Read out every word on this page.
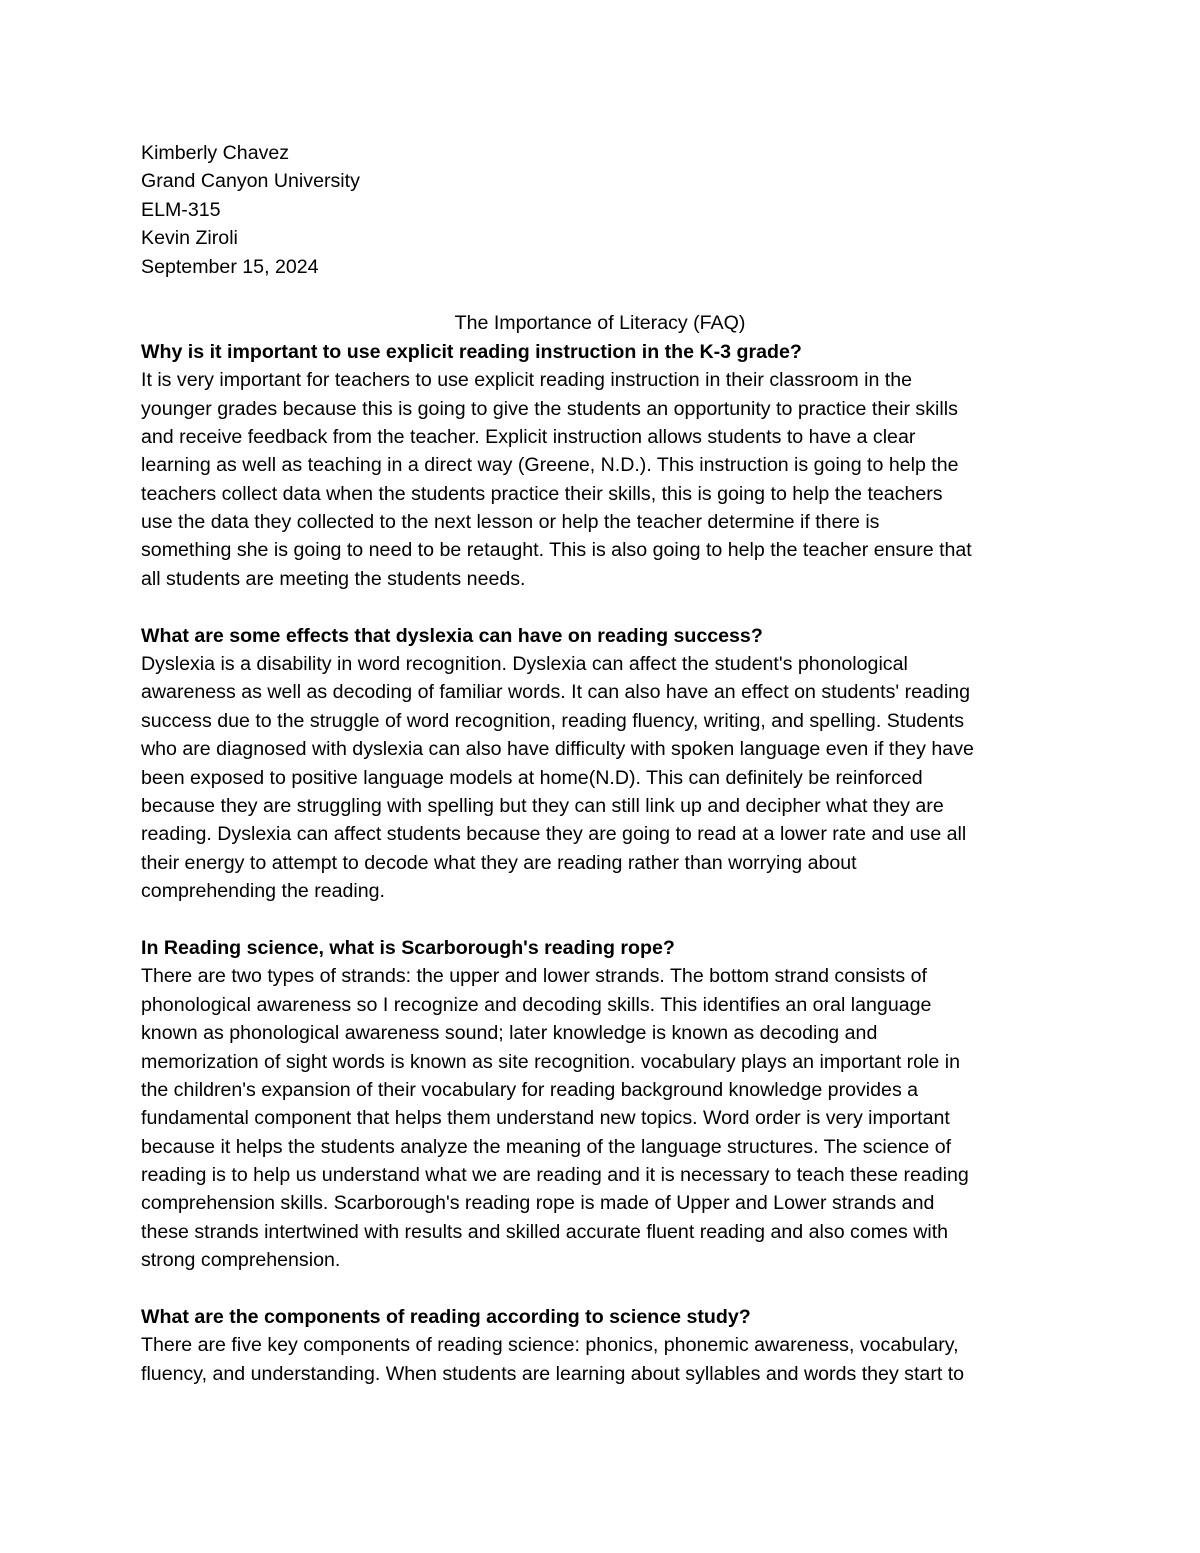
Kimberly Chavez
Grand Canyon University
ELM-315
Kevin Ziroli
September 15, 2024
The Importance of Literacy (FAQ)
Why is it important to use explicit reading instruction in the K-3 grade?
It is very important for teachers to use explicit reading instruction in their classroom in the
younger grades because this is going to give the students an opportunity to practice their skills
and receive feedback from the teacher. Explicit instruction allows students to have a clear
learning as well as teaching in a direct way (Greene, N.D.). This instruction is going to help the
teachers collect data when the students practice their skills, this is going to help the teachers
use the data they collected to the next lesson or help the teacher determine if there is
something she is going to need to be retaught. This is also going to help the teacher ensure that
all students are meeting the students needs.
What are some effects that dyslexia can have on reading success?
Dyslexia is a disability in word recognition. Dyslexia can affect the student's phonological
awareness as well as decoding of familiar words. It can also have an effect on students' reading
success due to the struggle of word recognition, reading fluency, writing, and spelling. Students
who are diagnosed with dyslexia can also have difficulty with spoken language even if they have
been exposed to positive language models at home(N.D). This can definitely be reinforced
because they are struggling with spelling but they can still link up and decipher what they are
reading. Dyslexia can affect students because they are going to read at a lower rate and use all
their energy to attempt to decode what they are reading rather than worrying about
comprehending the reading.
In Reading science, what is Scarborough's reading rope?
There are two types of strands: the upper and lower strands. The bottom strand consists of
phonological awareness so I recognize and decoding skills. This identifies an oral language
known as phonological awareness sound; later knowledge is known as decoding and
memorization of sight words is known as site recognition. vocabulary plays an important role in
the children's expansion of their vocabulary for reading background knowledge provides a
fundamental component that helps them understand new topics. Word order is very important
because it helps the students analyze the meaning of the language structures. The science of
reading is to help us understand what we are reading and it is necessary to teach these reading
comprehension skills. Scarborough's reading rope is made of Upper and Lower strands and
these strands intertwined with results and skilled accurate fluent reading and also comes with
strong comprehension.
What are the components of reading according to science study?
There are five key components of reading science: phonics, phonemic awareness, vocabulary,
fluency, and understanding. When students are learning about syllables and words they start to
